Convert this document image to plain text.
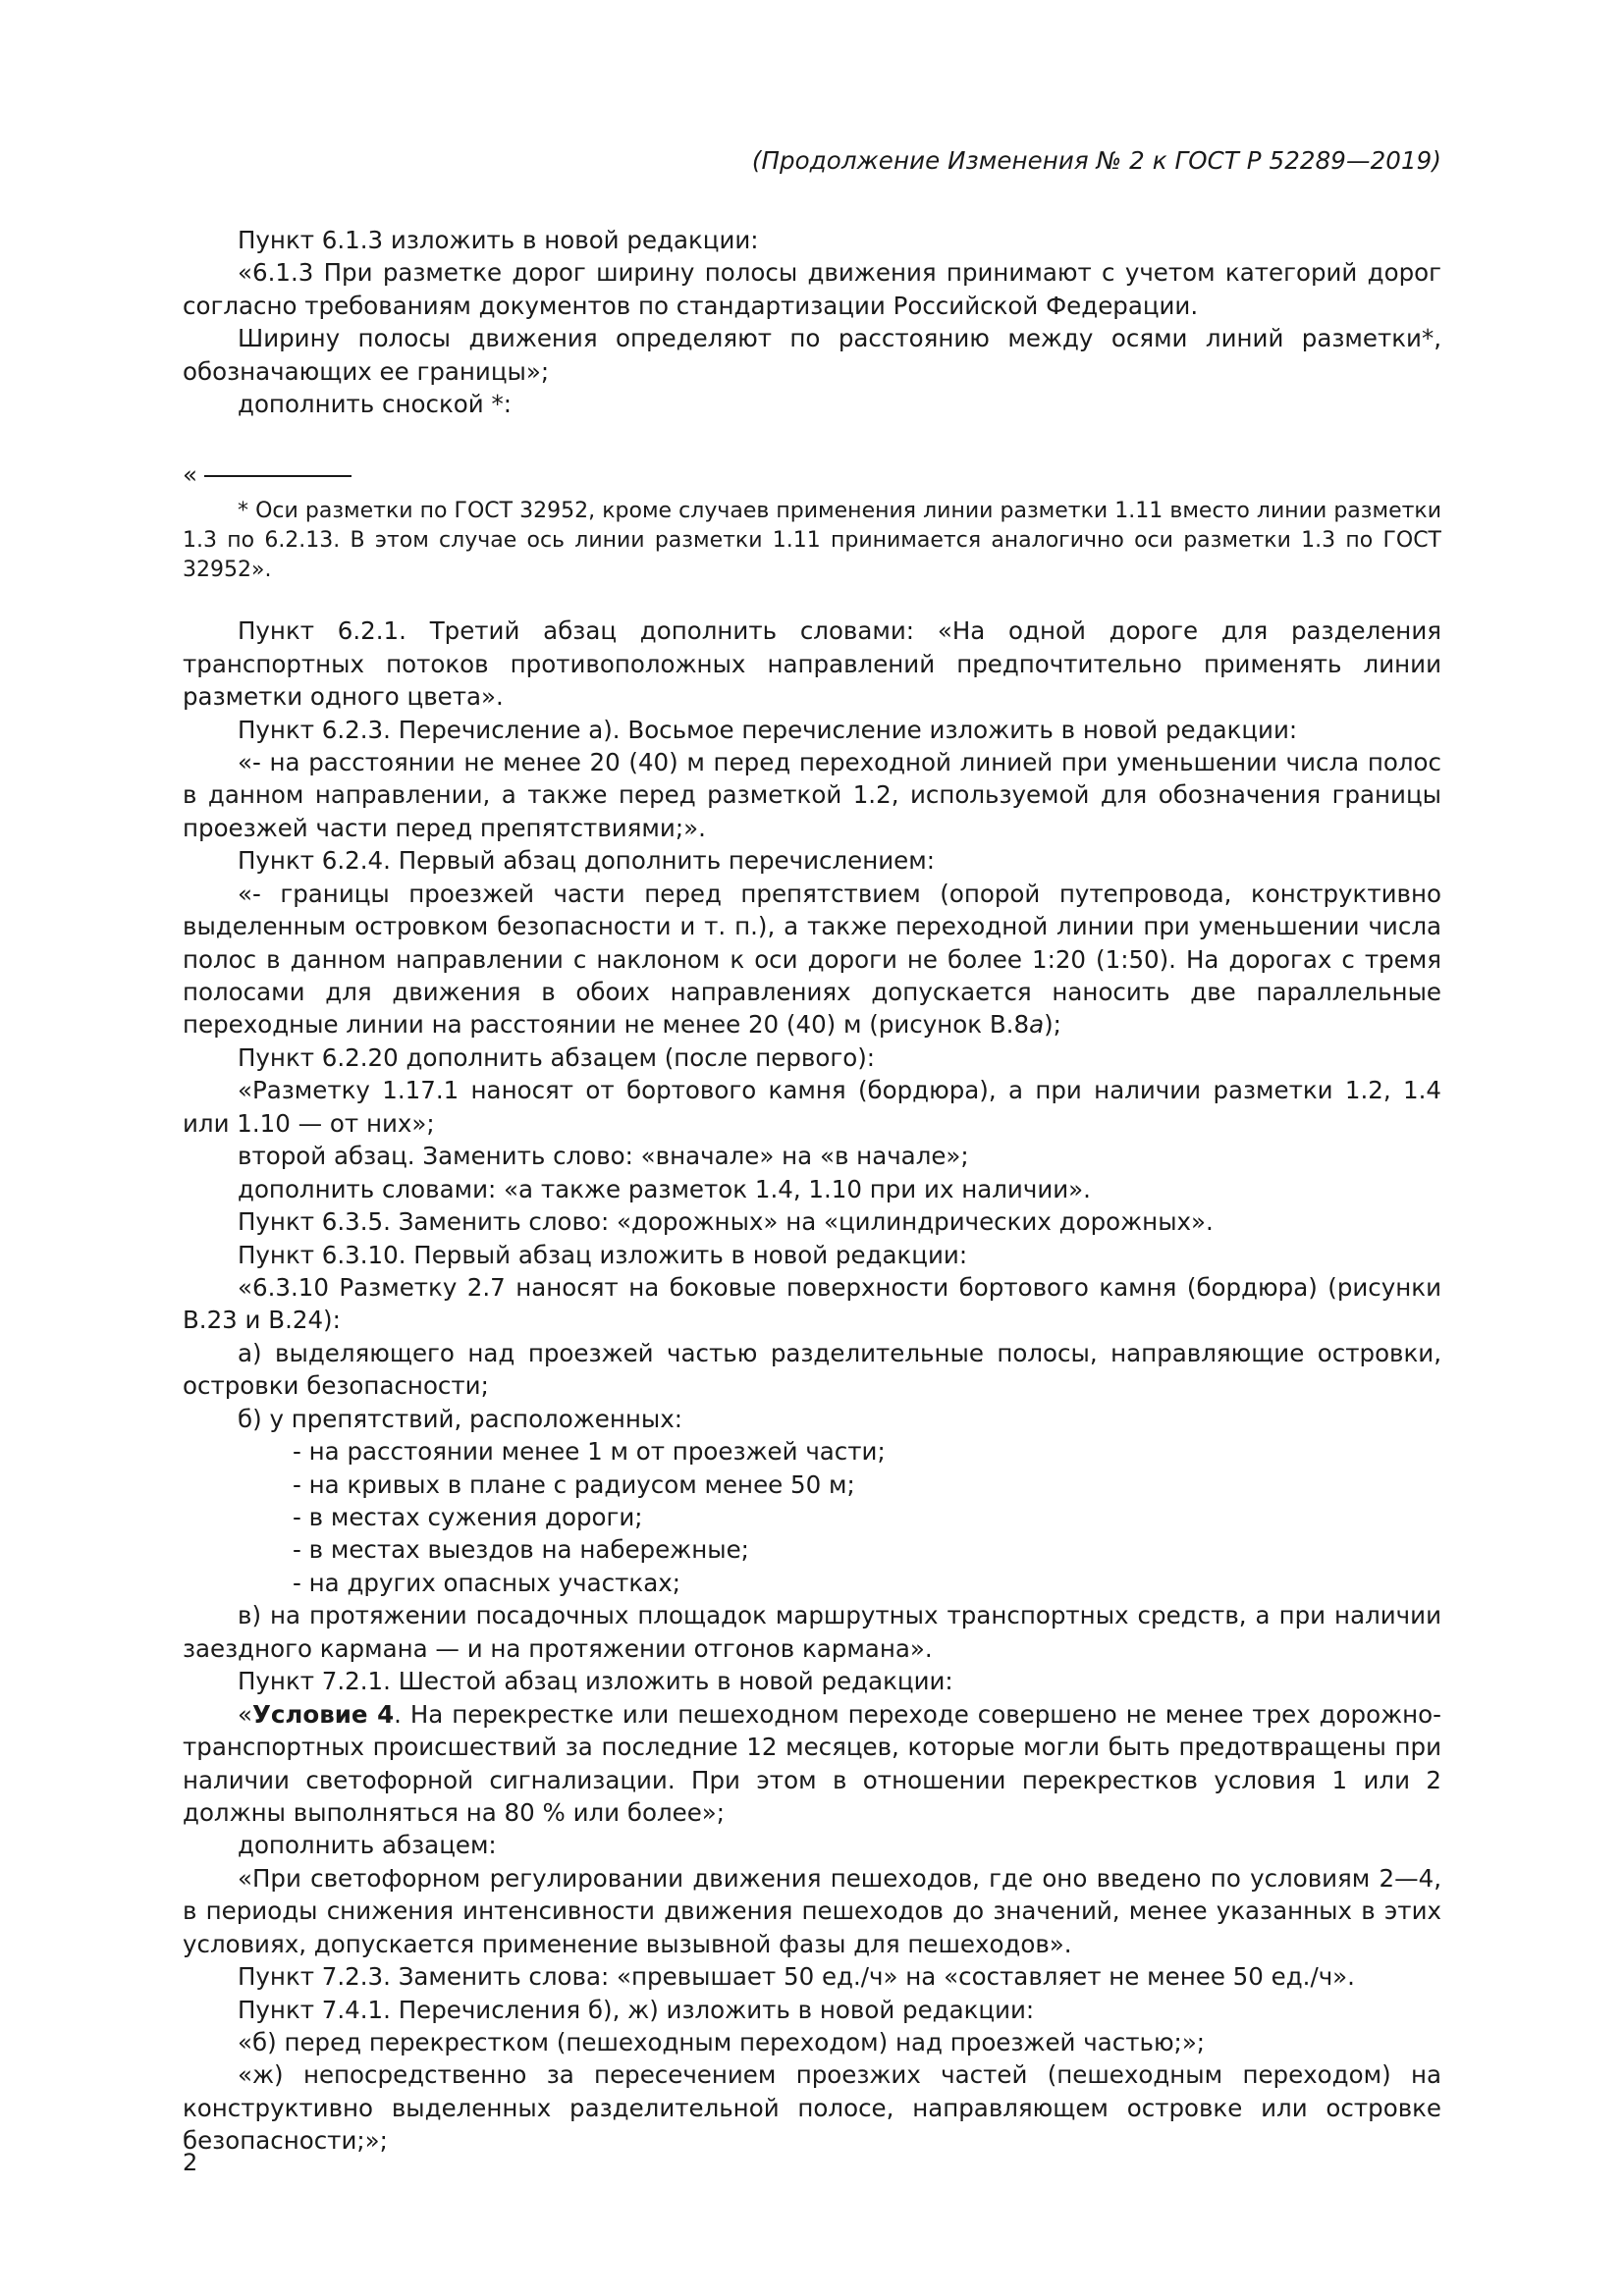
(Продолжение Изменения № 2 к ГОСТ Р 52289—2019)

Пункт 6.1.3 изложить в новой редакции:

«6.1.3 При разметке дорог ширину полосы движения принимают с учетом категорий дорог согласно требованиям документов по стандартизации Российской Федерации.

Ширину полосы движения определяют по расстоянию между осями линий разметки*, обозначающих ее границы»;

дополнить сноской *:

«

* Оси разметки по ГОСТ 32952, кроме случаев применения линии разметки 1.11 вместо линии разметки 1.3 по 6.2.13. В этом случае ось линии разметки 1.11 принимается аналогично оси разметки 1.3 по ГОСТ 32952».

Пункт 6.2.1. Третий абзац дополнить словами: «На одной дороге для разделения транспортных потоков противоположных направлений предпочтительно применять линии разметки одного цвета».

Пункт 6.2.3. Перечисление а). Восьмое перечисление изложить в новой редакции:

«- на расстоянии не менее 20 (40) м перед переходной линией при уменьшении числа полос в данном направлении, а также перед разметкой 1.2, используемой для обозначения границы проезжей части перед препятствиями;».

Пункт 6.2.4. Первый абзац дополнить перечислением:

«- границы проезжей части перед препятствием (опорой путепровода, конструктивно выделенным островком безопасности и т. п.), а также переходной линии при уменьшении числа полос в данном направлении с наклоном к оси дороги не более 1:20 (1:50). На дорогах с тремя полосами для движения в обоих направлениях допускается наносить две параллельные переходные линии на расстоянии не менее 20 (40) м (рисунок В.8а);

Пункт 6.2.20 дополнить абзацем (после первого):

«Разметку 1.17.1 наносят от бортового камня (бордюра), а при наличии разметки 1.2, 1.4 или 1.10 — от них»;

второй абзац. Заменить слово: «вначале» на «в начале»;

дополнить словами: «а также разметок 1.4, 1.10 при их наличии».

Пункт 6.3.5. Заменить слово: «дорожных» на «цилиндрических дорожных».

Пункт 6.3.10. Первый абзац изложить в новой редакции:

«6.3.10 Разметку 2.7 наносят на боковые поверхности бортового камня (бордюра) (рисунки В.23 и В.24):

а) выделяющего над проезжей частью разделительные полосы, направляющие островки, островки безопасности;

б) у препятствий, расположенных:

- на расстоянии менее 1 м от проезжей части;

- на кривых в плане с радиусом менее 50 м;

- в местах сужения дороги;

- в местах выездов на набережные;

- на других опасных участках;

в) на протяжении посадочных площадок маршрутных транспортных средств, а при наличии заездного кармана — и на протяжении отгонов кармана».

Пункт 7.2.1. Шестой абзац изложить в новой редакции:

«Условие 4. На перекрестке или пешеходном переходе совершено не менее трех дорожно-транспортных происшествий за последние 12 месяцев, которые могли быть предотвращены при наличии светофорной сигнализации. При этом в отношении перекрестков условия 1 или 2 должны выполняться на 80 % или более»;

дополнить абзацем:

«При светофорном регулировании движения пешеходов, где оно введено по условиям 2—4, в периоды снижения интенсивности движения пешеходов до значений, менее указанных в этих условиях, допускается применение вызывной фазы для пешеходов».

Пункт 7.2.3. Заменить слова: «превышает 50 ед./ч» на «составляет не менее 50 ед./ч».

Пункт 7.4.1. Перечисления б), ж) изложить в новой редакции:

«б) перед перекрестком (пешеходным переходом) над проезжей частью;»;

«ж) непосредственно за пересечением проезжих частей (пешеходным переходом) на конструктивно выделенных разделительной полосе, направляющем островке или островке безопасности;»;

2
